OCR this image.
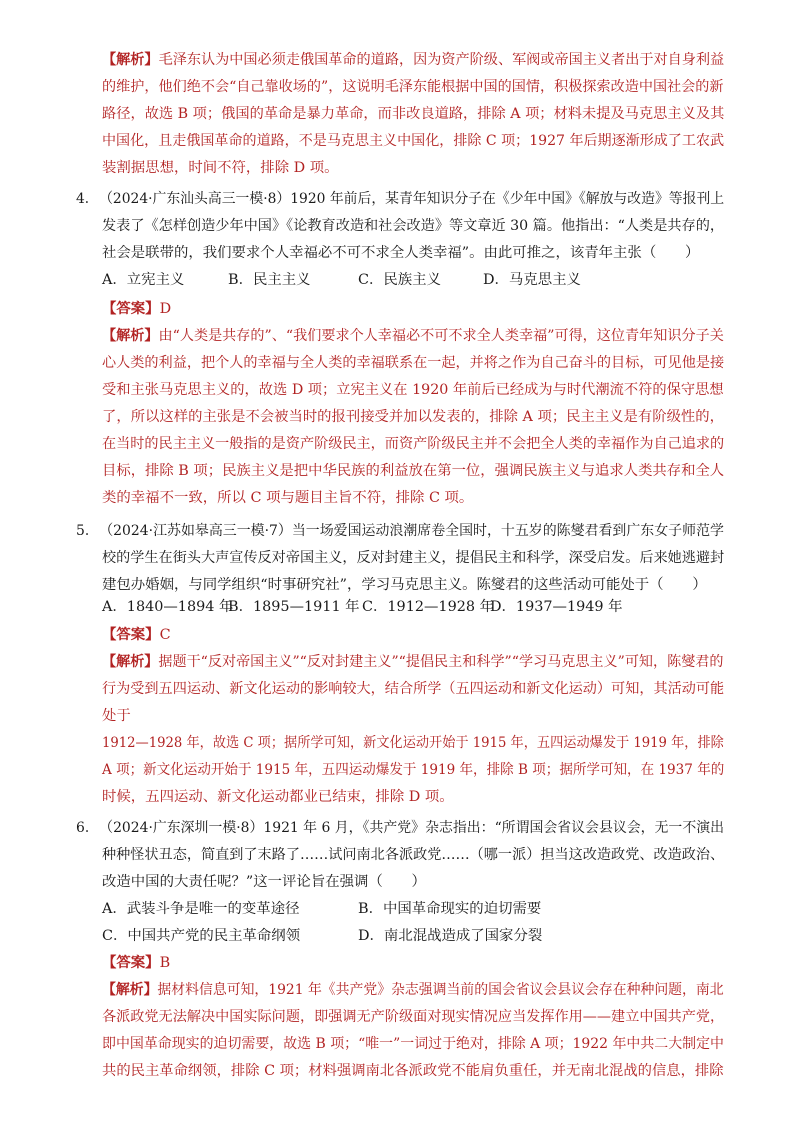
【解析】毛泽东认为中国必须走俄国革命的道路，因为资产阶级、军阀或帝国主义者出于对自身利益
的维护，他们绝不会“自己靠收场的”，这说明毛泽东能根据中国的国情，积极探索改造中国社会的新
路径，故选 B 项；俄国的革命是暴力革命，而非改良道路，排除 A 项；材料未提及马克思主义及其
中国化，且走俄国革命的道路，不是马克思主义中国化，排除 C 项；1927 年后期逐渐形成了工农武
装割据思想，时间不符，排除 D 项。
4．（2024·广东汕头高三一模·8）1920 年前后，某青年知识分子在《少年中国》《解放与改造》等报刊上
发表了《怎样创造少年中国》《论教育改造和社会改造》等文章近 30 篇。他指出：“人类是共存的，
社会是联带的，我们要求个人幸福必不可不求全人类幸福”。由此可推之，该青年主张（　　）
A．立宪主义	B．民主主义	C．民族主义	D．马克思主义
【答案】D
【解析】由“人类是共存的”、“我们要求个人幸福必不可不求全人类幸福”可得，这位青年知识分子关
心人类的利益，把个人的幸福与全人类的幸福联系在一起，并将之作为自己奋斗的目标，可见他是接
受和主张马克思主义的，故选 D 项；立宪主义在 1920 年前后已经成为与时代潮流不符的保守思想
了，所以这样的主张是不会被当时的报刊接受并加以发表的，排除 A 项；民主主义是有阶级性的，
在当时的民主主义一般指的是资产阶级民主，而资产阶级民主并不会把全人类的幸福作为自己追求的
目标，排除 B 项；民族主义是把中华民族的利益放在第一位，强调民族主义与追求人类共存和全人
类的幸福不一致，所以 C 项与题目主旨不符，排除 C 项。
5．（2024·江苏如皋高三一模·7）当一场爱国运动浪潮席卷全国时，十五岁的陈燮君看到广东女子师范学
校的学生在街头大声宣传反对帝国主义，反对封建主义，提倡民主和科学，深受启发。后来她逃避封
建包办婚姻，与同学组织“时事研究社”，学习马克思主义。陈燮君的这些活动可能处于（　　）
A．1840—1894 年
B．1895—1911 年 C．1912—1928 年
D．1937—1949 年
【答案】C
【解析】据题干“反对帝国主义”“反对封建主义”“提倡民主和科学”“学习马克思主义”可知，陈燮君的
行为受到五四运动、新文化运动的影响较大，结合所学（五四运动和新文化运动）可知，其活动可能
处于
1912—1928 年，故选 C 项；据所学可知，新文化运动开始于 1915 年，五四运动爆发于 1919 年，排除
A 项；新文化运动开始于 1915 年，五四运动爆发于 1919 年，排除 B 项；据所学可知，在 1937 年的
时候，五四运动、新文化运动都业已结束，排除 D 项。
6．（2024·广东深圳一模·8）1921 年 6 月，《共产党》杂志指出：“所谓国会省议会县议会，无一不演出
种种怪状丑态，简直到了末路了……试问南北各派政党……（哪一派）担当这改造政党、改造政治、
改造中国的大责任呢？”这一评论旨在强调（　　）
A．武装斗争是唯一的变革途径	B．中国革命现实的迫切需要
C．中国共产党的民主革命纲领	D．南北混战造成了国家分裂
【答案】B
【解析】据材料信息可知，1921 年《共产党》杂志强调当前的国会省议会县议会存在种种问题，南北
各派政党无法解决中国实际问题，即强调无产阶级面对现实情况应当发挥作用——建立中国共产党，
即中国革命现实的迫切需要，故选 B 项；“唯一”一词过于绝对，排除 A 项；1922 年中共二大制定中
共的民主革命纲领，排除 C 项；材料强调南北各派政党不能肩负重任，并无南北混战的信息，排除
